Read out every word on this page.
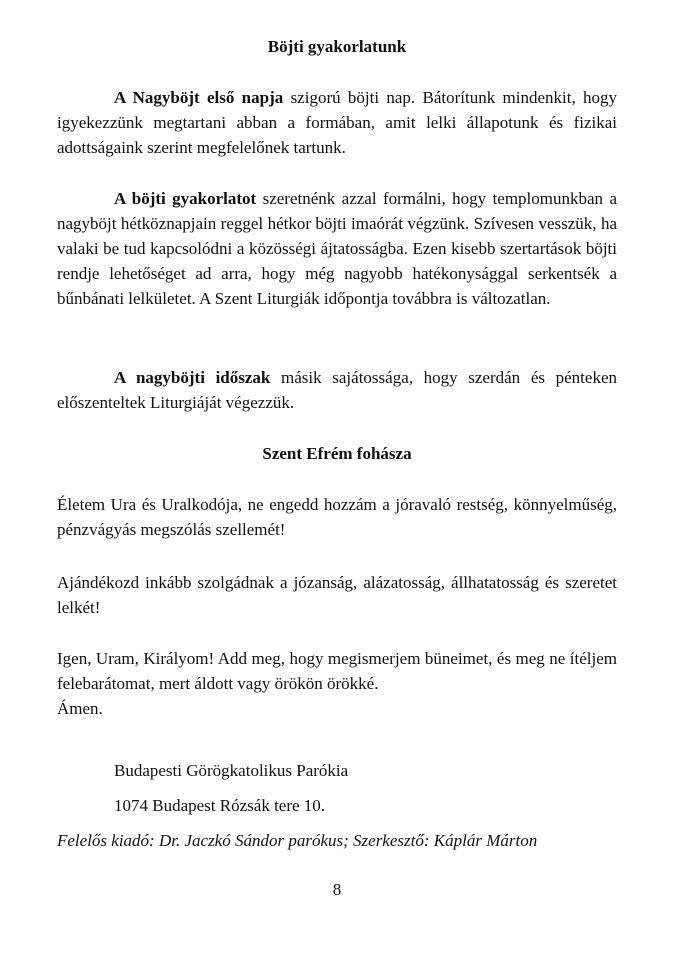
Böjti gyakorlatunk

A Nagyböjt első napja szigorú böjti nap. Bátorítunk mindenkit, hogy igyekezzünk megtartani abban a formában, amit lelki állapotunk és fizikai adottságaink szerint megfelelőnek tartunk.

A böjti gyakorlatot szeretnénk azzal formálni, hogy templomunkban a nagyböjt hétköznapjain reggel hétkor böjti imaórát végzünk. Szívesen vesszük, ha valaki be tud kapcsolódni a közösségi ájtatosságba. Ezen kisebb szertartások böjti rendje lehetőséget ad arra, hogy még nagyobb hatékonysággal serkentsék a bűnbánati lelkületet. A Szent Liturgiák időpontja továbbra is változatlan.

A nagyböjti időszak másik sajátossága, hogy szerdán és pénteken előszenteltek Liturgiáját végezzük.

Szent Efrém fohásza

Életem Ura és Uralkodója, ne engedd hozzám a jóravaló restség, könnyelműség, pénzvágyás megszólás szellemét!

Ajándékozd inkább szolgádnak a józanság, alázatosság, állhatatosság és szeretet lelkét!

Igen, Uram, Királyom! Add meg, hogy megismerjem büneimet, és meg ne ítéljem felebarátomat, mert áldott vagy örökön örökké.

Ámen.
Budapesti Görögkatolikus Parókia
1074 Budapest Rózsák tere 10.
Felelős kiadó: Dr. Jaczkó Sándor parókus; Szerkesztő: Káplár Márton
8
